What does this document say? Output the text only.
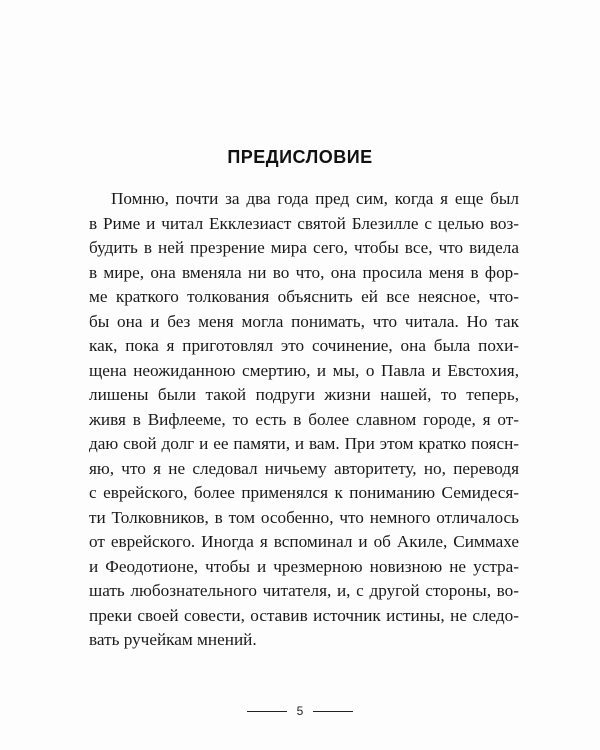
ПРЕДИСЛОВИЕ
Помню, почти за два года пред сим, когда я еще был
в Риме и читал Екклезиаст святой Блезилле с целью воз-
будить в ней презрение мира сего, чтобы все, что видела
в мире, она вменяла ни во что, она просила меня в фор-
ме краткого толкования объяснить ей все неясное, что-
бы она и без меня могла понимать, что читала. Но так
как, пока я приготовлял это сочинение, она была похи-
щена неожиданною смертию, и мы, о Павла и Евстохия,
лишены были такой подруги жизни нашей, то теперь,
живя в Вифлееме, то есть в более славном городе, я от-
даю свой долг и ее памяти, и вам. При этом кратко поясн-
яю, что я не следовал ничьему авторитету, но, переводя
с еврейского, более применялся к пониманию Семидеся-
ти Толковников, в том особенно, что немного отличалось
от еврейского. Иногда я вспоминал и об Акиле, Симмахе
и Феодотионе, чтобы и чрезмерною новизною не устра-
шать любознательного читателя, и, с другой стороны, во-
преки своей совести, оставив источник истины, не следо-
вать ручейкам мнений.
5
